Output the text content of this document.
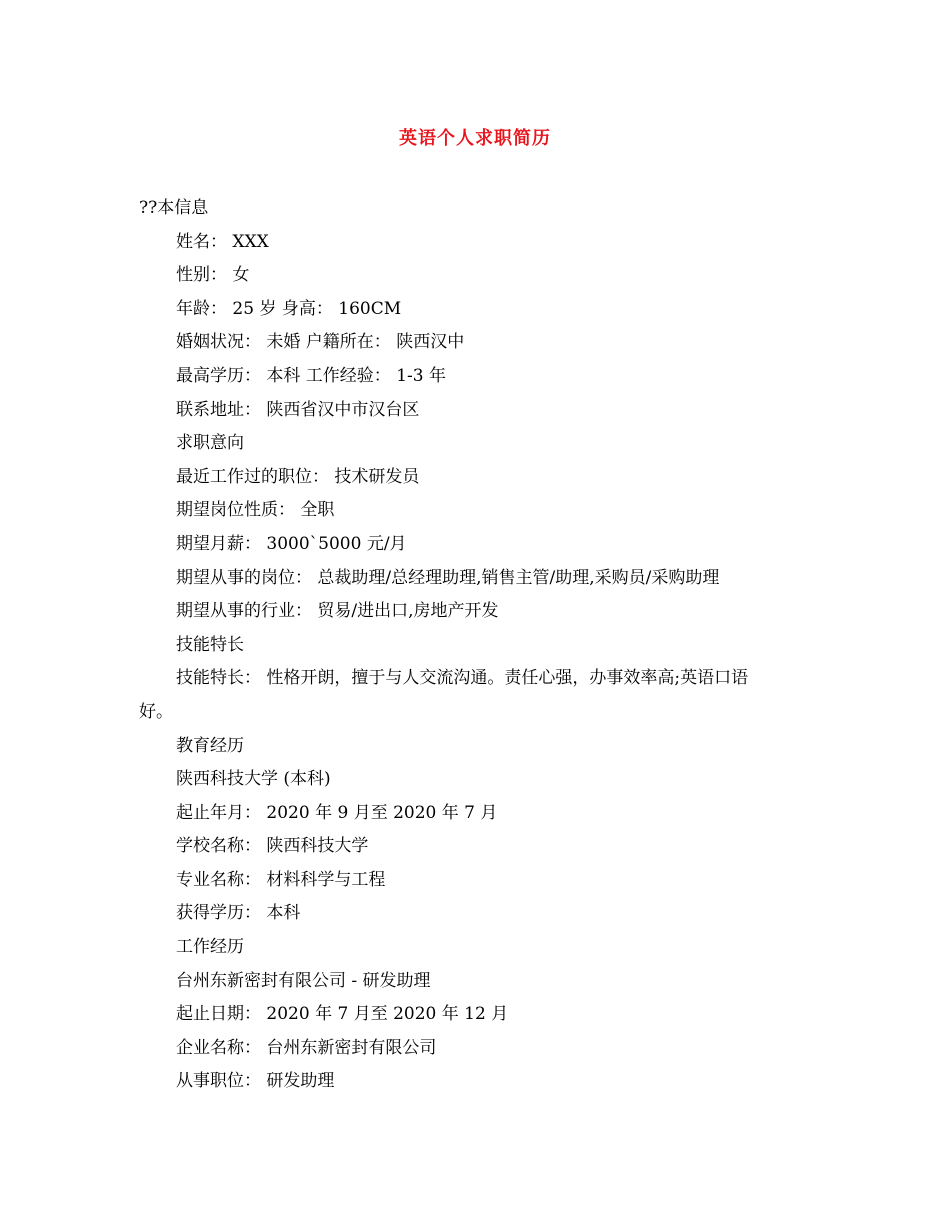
英语个人求职简历

??本信息

姓名： XXX

性别： 女

年龄： 25 岁 身高： 160CM

婚姻状况： 未婚 户籍所在： 陕西汉中

最高学历： 本科 工作经验： 1-3 年

联系地址： 陕西省汉中市汉台区

求职意向

最近工作过的职位： 技术研发员

期望岗位性质： 全职

期望月薪： 3000`5000 元/月

期望从事的岗位： 总裁助理/总经理助理,销售主管/助理,采购员/采购助理

期望从事的行业： 贸易/进出口,房地产开发

技能特长

技能特长： 性格开朗，擅于与人交流沟通。责任心强，办事效率高;英语口语

好。

教育经历

陕西科技大学 (本科)

起止年月： 2020 年 9 月至 2020 年 7 月

学校名称： 陕西科技大学

专业名称： 材料科学与工程

获得学历： 本科

工作经历

台州东新密封有限公司 - 研发助理

起止日期： 2020 年 7 月至 2020 年 12 月

企业名称： 台州东新密封有限公司

从事职位： 研发助理
